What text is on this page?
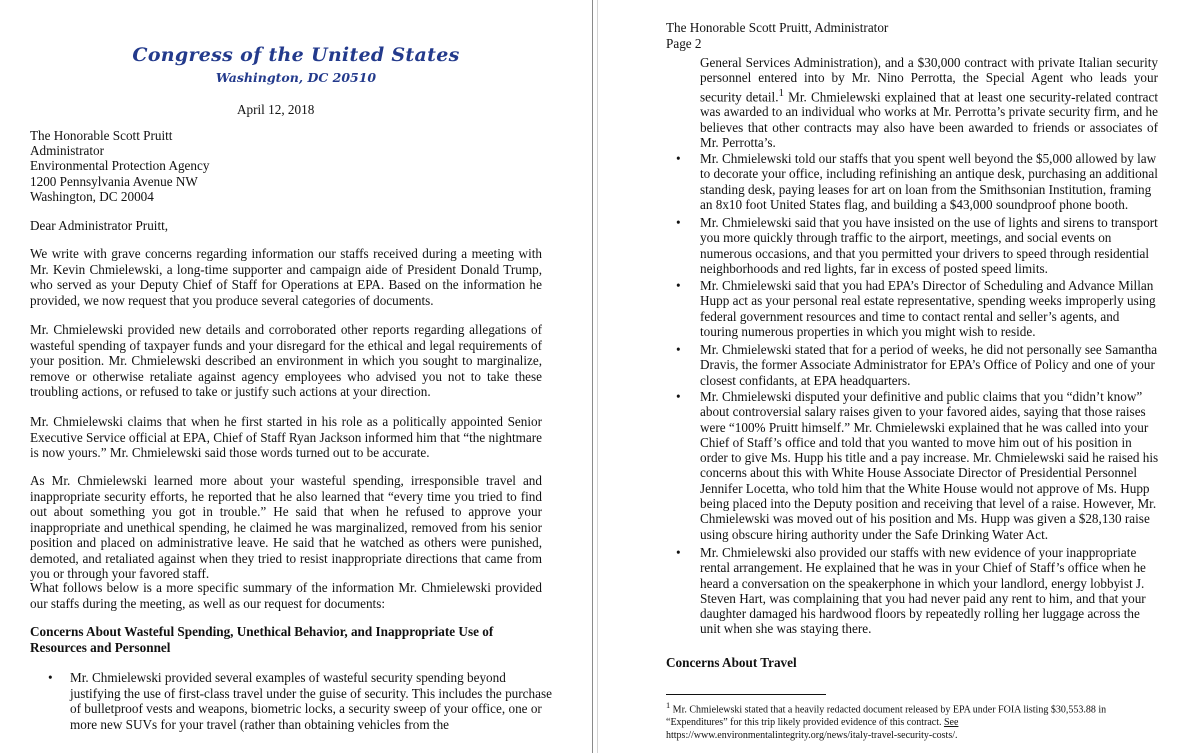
Congress of the United States
Washington, DC 20510
April 12, 2018
The Honorable Scott Pruitt
Administrator
Environmental Protection Agency
1200 Pennsylvania Avenue NW
Washington, DC 20004
Dear Administrator Pruitt,

We write with grave concerns regarding information our staffs received during a meeting with Mr. Kevin Chmielewski, a long-time supporter and campaign aide of President Donald Trump, who served as your Deputy Chief of Staff for Operations at EPA. Based on the information he provided, we now request that you produce several categories of documents.

Mr. Chmielewski provided new details and corroborated other reports regarding allegations of wasteful spending of taxpayer funds and your disregard for the ethical and legal requirements of your position. Mr. Chmielewski described an environment in which you sought to marginalize, remove or otherwise retaliate against agency employees who advised you not to take these troubling actions, or refused to take or justify such actions at your direction.

Mr. Chmielewski claims that when he first started in his role as a politically appointed Senior Executive Service official at EPA, Chief of Staff Ryan Jackson informed him that “the nightmare is now yours.” Mr. Chmielewski said those words turned out to be accurate.

As Mr. Chmielewski learned more about your wasteful spending, irresponsible travel and inappropriate security efforts, he reported that he also learned that “every time you tried to find out about something you got in trouble.” He said that when he refused to approve your inappropriate and unethical spending, he claimed he was marginalized, removed from his senior position and placed on administrative leave. He said that he watched as others were punished, demoted, and retaliated against when they tried to resist inappropriate directions that came from you or through your favored staff.

What follows below is a more specific summary of the information Mr. Chmielewski provided our staffs during the meeting, as well as our request for documents:

Concerns About Wasteful Spending, Unethical Behavior, and Inappropriate Use of Resources and Personnel

• Mr. Chmielewski provided several examples of wasteful security spending beyond justifying the use of first-class travel under the guise of security. This includes the purchase of bulletproof vests and weapons, biometric locks, a security sweep of your office, one or more new SUVs for your travel (rather than obtaining vehicles from the
The Honorable Scott Pruitt, Administrator
Page 2

General Services Administration), and a $30,000 contract with private Italian security personnel entered into by Mr. Nino Perrotta, the Special Agent who leads your security detail.$^1$ Mr. Chmielewski explained that at least one security-related contract was awarded to an individual who works at Mr. Perrotta’s private security firm, and he believes that other contracts may also have been awarded to friends or associates of Mr. Perrotta’s.

• Mr. Chmielewski told our staffs that you spent well beyond the $5,000 allowed by law to decorate your office, including refinishing an antique desk, purchasing an additional standing desk, paying leases for art on loan from the Smithsonian Institution, framing an 8x10 foot United States flag, and building a $43,000 soundproof phone booth.
• Mr. Chmielewski said that you have insisted on the use of lights and sirens to transport you more quickly through traffic to the airport, meetings, and social events on numerous occasions, and that you permitted your drivers to speed through residential neighborhoods and red lights, far in excess of posted speed limits.
• Mr. Chmielewski said that you had EPA’s Director of Scheduling and Advance Millan Hupp act as your personal real estate representative, spending weeks improperly using federal government resources and time to contact rental and seller’s agents, and touring numerous properties in which you might wish to reside.
• Mr. Chmielewski stated that for a period of weeks, he did not personally see Samantha Dravis, the former Associate Administrator for EPA’s Office of Policy and one of your closest confidants, at EPA headquarters.
• Mr. Chmielewski disputed your definitive and public claims that you “didn’t know” about controversial salary raises given to your favored aides, saying that those raises were “100% Pruitt himself.” Mr. Chmielewski explained that he was called into your Chief of Staff’s office and told that you wanted to move him out of his position in order to give Ms. Hupp his title and a pay increase. Mr. Chmielewski said he raised his concerns about this with White House Associate Director of Presidential Personnel Jennifer Locetta, who told him that the White House would not approve of Ms. Hupp being placed into the Deputy position and receiving that level of a raise. However, Mr. Chmielewski was moved out of his position and Ms. Hupp was given a $28,130 raise using obscure hiring authority under the Safe Drinking Water Act.
• Mr. Chmielewski also provided our staffs with new evidence of your inappropriate rental arrangement. He explained that he was in your Chief of Staff’s office when he heard a conversation on the speakerphone in which your landlord, energy lobbyist J. Steven Hart, was complaining that you had never paid any rent to him, and that your daughter damaged his hardwood floors by repeatedly rolling her luggage across the unit when she was staying there.
Concerns About Travel

$^1$ Mr. Chmielewski stated that a heavily redacted document released by EPA under FOIA listing $30,553.88 in “Expenditures” for this trip likely provided evidence of this contract. See
https://www.environmentalintegrity.org/news/italy-travel-security-costs/.
